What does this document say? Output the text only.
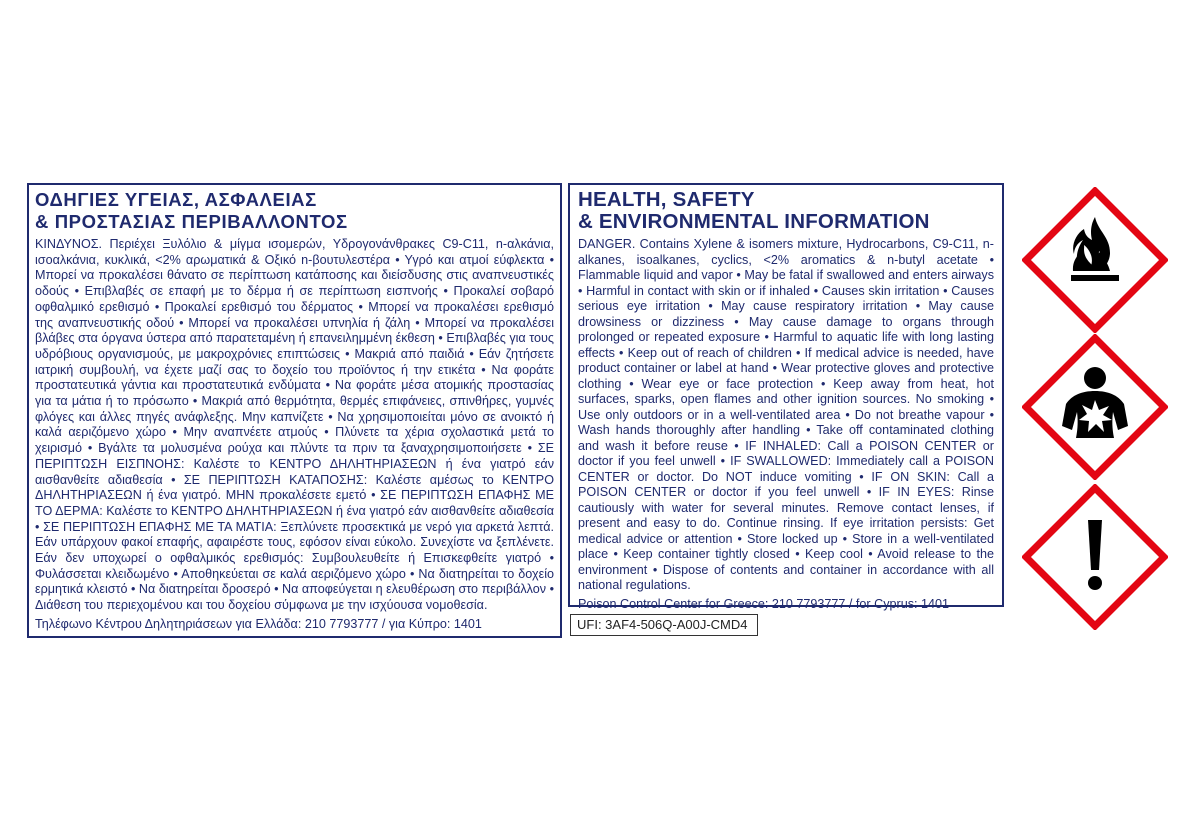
ΟΔΗΓΙΕΣ ΥΓΕΙΑΣ, ΑΣΦΑΛΕΙΑΣ
& ΠΡΟΣΤΑΣΙΑΣ ΠΕΡΙΒΑΛΛΟΝΤΟΣ

ΚΙΝΔΥΝΟΣ. Περιέχει Ξυλόλιο & μίγμα ισομερών, Υδρογονάνθρακες C9-C11, n-αλκάνια, ισοαλκάνια, κυκλικά, <2% αρωματικά & Οξικό n-βουτυλεστέρα • Υγρό και ατμοί εύφλεκτα • Μπορεί να προκαλέσει θάνατο σε περίπτωση κατάποσης και διείσδυσης στις αναπνευστικές οδούς • Επιβλαβές σε επαφή με το δέρμα ή σε περίπτωση εισπνοής • Προκαλεί σοβαρό οφθαλμικό ερεθισμό • Προκαλεί ερεθισμό του δέρματος • Μπορεί να προκαλέσει ερεθισμό της αναπνευστικής οδού • Μπορεί να προκαλέσει υπνηλία ή ζάλη • Μπορεί να προκαλέσει βλάβες στα όργανα ύστερα από παρατεταμένη ή επανειλημμένη έκθεση • Επιβλαβές για τους υδρόβιους οργανισμούς, με μακροχρόνιες επιπτώσεις • Μακριά από παιδιά • Εάν ζητήσετε ιατρική συμβουλή, να έχετε μαζί σας το δοχείο του προϊόντος ή την ετικέτα • Να φοράτε προστατευτικά γάντια και προστατευτικά ενδύματα • Να φοράτε μέσα ατομικής προστασίας για τα μάτια ή το πρόσωπο • Μακριά από θερμότητα, θερμές επιφάνειες, σπινθήρες, γυμνές φλόγες και άλλες πηγές ανάφλεξης. Μην καπνίζετε • Να χρησιμοποιείται μόνο σε ανοικτό ή καλά αεριζόμενο χώρο • Μην αναπνέετε ατμούς • Πλύνετε τα χέρια σχολαστικά μετά το χειρισμό • Βγάλτε τα μολυσμένα ρούχα και πλύντε τα πριν τα ξαναχρησιμοποιήσετε • ΣΕ ΠΕΡΙΠΤΩΣΗ ΕΙΣΠΝΟΗΣ: Καλέστε το ΚΕΝΤΡΟ ΔΗΛΗΤΗΡΙΑΣΕΩΝ ή ένα γιατρό εάν αισθανθείτε αδιαθεσία • ΣΕ ΠΕΡΙΠΤΩΣΗ ΚΑΤΑΠΟΣΗΣ: Καλέστε αμέσως το ΚΕΝΤΡΟ ΔΗΛΗΤΗΡΙΑΣΕΩΝ ή ένα γιατρό. ΜΗΝ προκαλέσετε εμετό • ΣΕ ΠΕΡΙΠΤΩΣΗ ΕΠΑΦΗΣ ΜΕ ΤΟ ΔΕΡΜΑ: Καλέστε το ΚΕΝΤΡΟ ΔΗΛΗΤΗΡΙΑΣΕΩΝ ή ένα γιατρό εάν αισθανθείτε αδιαθεσία • ΣΕ ΠΕΡΙΠΤΩΣΗ ΕΠΑΦΗΣ ΜΕ ΤΑ ΜΑΤΙΑ: Ξεπλύνετε προσεκτικά με νερό για αρκετά λεπτά. Εάν υπάρχουν φακοί επαφής, αφαιρέστε τους, εφόσον είναι εύκολο. Συνεχίστε να ξεπλένετε. Εάν δεν υποχωρεί ο οφθαλμικός ερεθισμός: Συμβουλευθείτε ή Επισκεφθείτε γιατρό • Φυλάσσεται κλειδωμένο • Αποθηκεύεται σε καλά αεριζόμενο χώρο • Να διατηρείται το δοχείο ερμητικά κλειστό • Να διατηρείται δροσερό • Να αποφεύγεται η ελευθέρωση στο περιβάλλον • Διάθεση του περιεχομένου και του δοχείου σύμφωνα με την ισχύουσα νομοθεσία.

Τηλέφωνο Κέντρου Δηλητηριάσεων για Ελλάδα: 210 7793777 / για Κύπρο: 1401
HEALTH, SAFETY
& ENVIRONMENTAL INFORMATION

DANGER. Contains Xylene & isomers mixture, Hydrocarbons, C9-C11, n-alkanes, isoalkanes, cyclics, <2% aromatics & n-butyl acetate • Flammable liquid and vapor • May be fatal if swallowed and enters airways • Harmful in contact with skin or if inhaled • Causes skin irritation • Causes serious eye irritation • May cause respiratory irritation • May cause drowsiness or dizziness • May cause damage to organs through prolonged or repeated exposure • Harmful to aquatic life with long lasting effects • Keep out of reach of children • If medical advice is needed, have product container or label at hand • Wear protective gloves and protective clothing • Wear eye or face protection • Keep away from heat, hot surfaces, sparks, open flames and other ignition sources. No smoking • Use only outdoors or in a well-ventilated area • Do not breathe vapour • Wash hands thoroughly after handling • Take off contaminated clothing and wash it before reuse • IF INHALED: Call a POISON CENTER or doctor if you feel unwell • IF SWALLOWED: Immediately call a POISON CENTER or doctor. Do NOT induce vomiting • IF ON SKIN: Call a POISON CENTER or doctor if you feel unwell • IF IN EYES: Rinse cautiously with water for several minutes. Remove contact lenses, if present and easy to do. Continue rinsing. If eye irritation persists: Get medical advice or attention • Store locked up • Store in a well-ventilated place • Keep container tightly closed • Keep cool • Avoid release to the environment • Dispose of contents and container in accordance with all national regulations.

Poison Control Center for Greece: 210 7793777 / for Cyprus: 1401
UFI: 3AF4-506Q-A00J-CMD4
